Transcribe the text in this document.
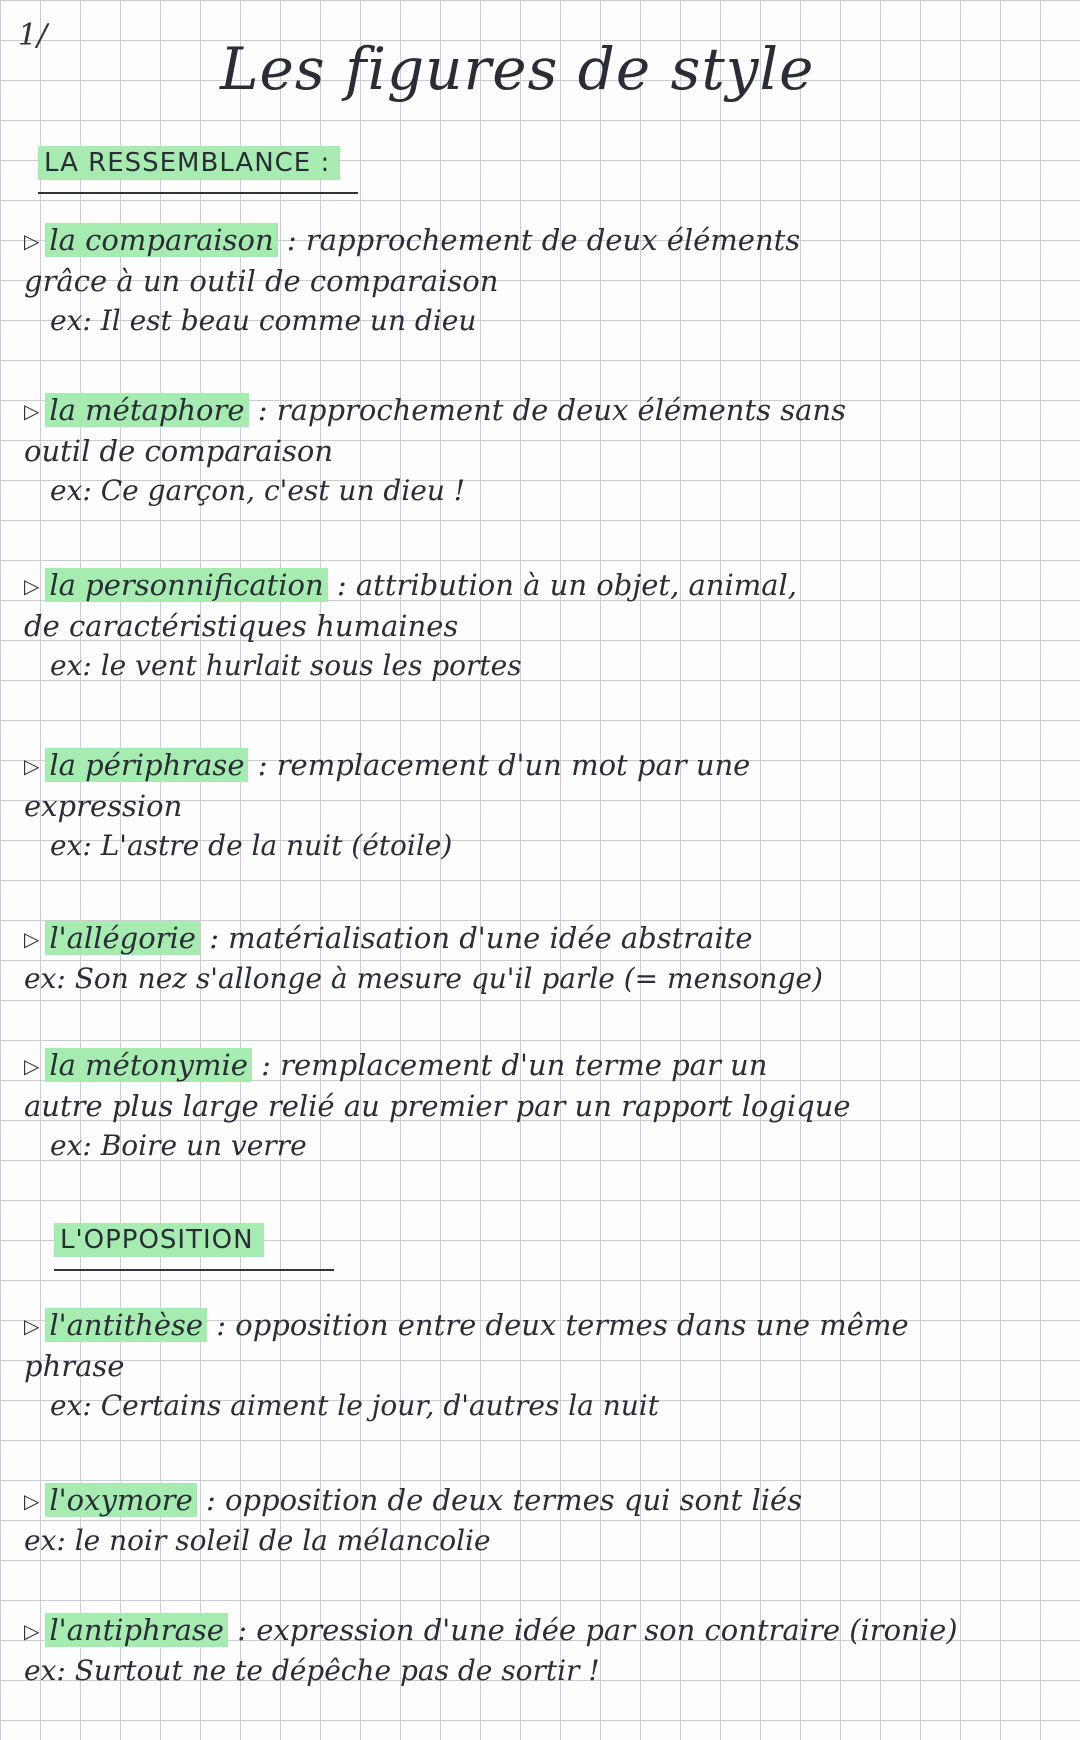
1/	Les figures de style
LA RESSEMBLANCE :
▷ la comparaison : rapprochement de deux éléments
grâce à un outil de comparaison
ex: Il est beau comme un dieu
▷ la métaphore : rapprochement de deux éléments sans
outil de comparaison
ex: Ce garçon, c'est un dieu !
▷ la personnification : attribution à un objet, animal,
de caractéristiques humaines
ex: le vent hurlait sous les portes
▷ la périphrase : remplacement d'un mot par une
expression
ex: L'astre de la nuit (étoile)
▷ l'allégorie : matérialisation d'une idée abstraite
ex: Son nez s'allonge à mesure qu'il parle (= mensonge)
▷ la métonymie : remplacement d'un terme par un
autre plus large relié au premier par un rapport logique
ex: Boire un verre
L'OPPOSITION
▷ l'antithèse : opposition entre deux termes dans une même
phrase
ex: Certains aiment le jour, d'autres la nuit
▷ l'oxymore : opposition de deux termes qui sont liés
ex: le noir soleil de la mélancolie
▷ l'antiphrase : expression d'une idée par son contraire (ironie)
ex: Surtout ne te dépêche pas de sortir !
